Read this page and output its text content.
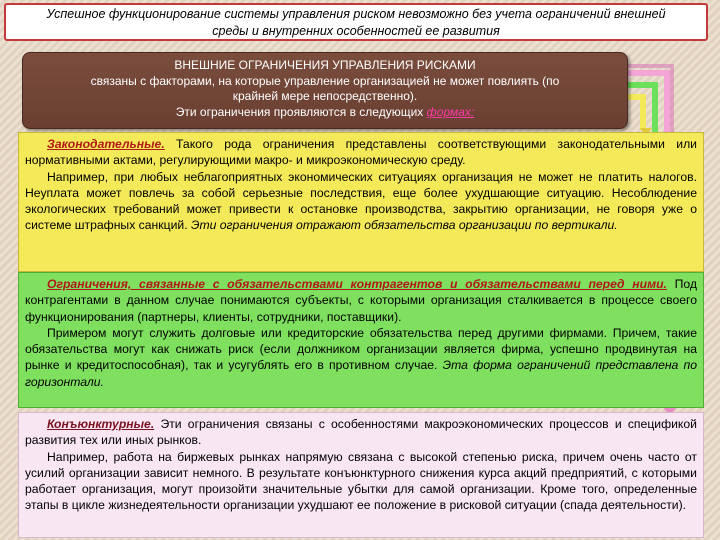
Успешное функционирование системы управления риском невозможно без учета ограничений внешней
среды и внутренних особенностей ее развития
ВНЕШНИЕ ОГРАНИЧЕНИЯ УПРАВЛЕНИЯ РИСКАМИ
связаны с факторами, на которые управление организацией не может повлиять (по
крайней мере непосредственно).
Эти ограничения проявляются в следующих формах:

Законодательные. Такого рода ограничения представлены соответствующими законодательными или нормативными актами, регулирующими макро- и микроэкономическую среду.

Например, при любых неблагоприятных экономических ситуациях организация не может не платить налогов. Неуплата может повлечь за собой серьезные последствия, еще более ухудшающие ситуацию. Несоблюдение экологических требований может привести к остановке производства, закрытию организации, не говоря уже о системе штрафных санкций. Эти ограничения отражают обязательства организации по вертикали.

Ограничения, связанные с обязательствами контрагентов и обязательствами перед ними. Под контрагентами в данном случае понимаются субъекты, с которыми организация сталкивается в процессе своего функционирования (партнеры, клиенты, сотрудники, поставщики).

Примером могут служить долговые или кредиторские обязательства перед другими фирмами. Причем, такие обязательства могут как снижать риск (если должником организации является фирма, успешно продвинутая на рынке и кредитоспособная), так и усугублять его в противном случае. Эта форма ограничений представлена по горизонтали.

Конъюнктурные. Эти ограничения связаны с особенностями макроэкономических процессов и спецификой развития тех или иных рынков.

Например, работа на биржевых рынках напрямую связана с высокой степенью риска, причем очень часто от усилий организации зависит немного. В результате конъюнктурного снижения курса акций предприятий, с которыми работает организация, могут произойти значительные убытки для самой организации. Кроме того, определенные этапы в цикле жизнедеятельности организации ухудшают ее положение в рисковой ситуации (спада деятельности).
